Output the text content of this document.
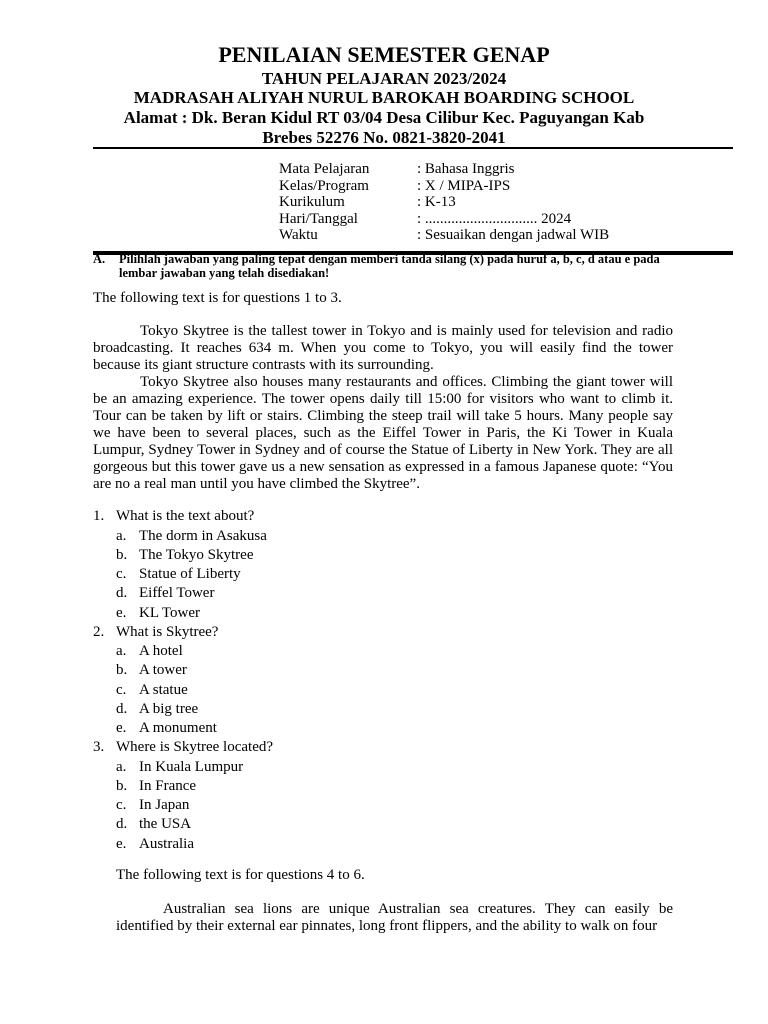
PENILAIAN SEMESTER GENAP
TAHUN PELAJARAN 2023/2024
MADRASAH ALIYAH NURUL BAROKAH BOARDING SCHOOL
Alamat : Dk. Beran Kidul RT 03/04 Desa Cilibur Kec. Paguyangan Kab
Brebes 52276 No. 0821-3820-2041
Mata Pelajaran	: Bahasa Inggris
Kelas/Program	: X / MIPA-IPS
Kurikulum	: K-13
Hari/Tanggal	: .............................. 2024
Waktu	: Sesuaikan dengan jadwal WIB
A. Pilihlah jawaban yang paling tepat dengan memberi tanda silang (x) pada huruf a, b, c, d atau e pada lembar jawaban yang telah disediakan!
The following text is for questions 1 to 3.
Tokyo Skytree is the tallest tower in Tokyo and is mainly used for television and radio broadcasting. It reaches 634 m. When you come to Tokyo, you will easily find the tower because its giant structure contrasts with its surrounding.
Tokyo Skytree also houses many restaurants and offices. Climbing the giant tower will be an amazing experience. The tower opens daily till 15:00 for visitors who want to climb it. Tour can be taken by lift or stairs. Climbing the steep trail will take 5 hours. Many people say we have been to several places, such as the Eiffel Tower in Paris, the Ki Tower in Kuala Lumpur, Sydney Tower in Sydney and of course the Statue of Liberty in New York. They are all gorgeous but this tower gave us a new sensation as expressed in a famous Japanese quote: “You are no a real man until you have climbed the Skytree”.
1. What is the text about?
a. The dorm in Asakusa
b. The Tokyo Skytree
c. Statue of Liberty
d. Eiffel Tower
e. KL Tower
2. What is Skytree?
a. A hotel
b. A tower
c. A statue
d. A big tree
e. A monument
3. Where is Skytree located?
a. In Kuala Lumpur
b. In France
c. In Japan
d. the USA
e. Australia
The following text is for questions 4 to 6.
Australian sea lions are unique Australian sea creatures. They can easily be identified by their external ear pinnates, long front flippers, and the ability to walk on four
